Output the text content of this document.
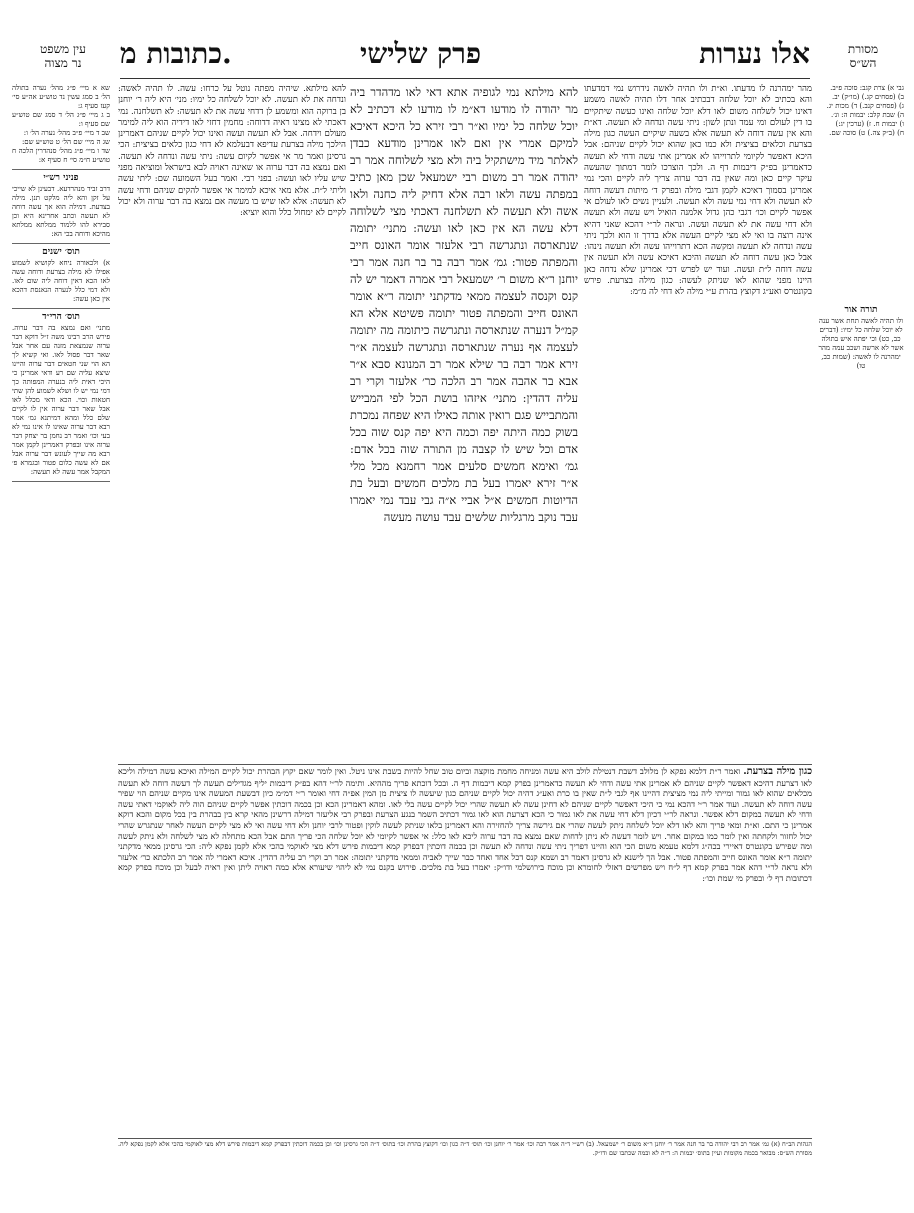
עין משפט
נר מצוה
מסורת
הש״ס
כתובות מ.	פרק שלישי	אלו נערות
שא א מיי׳ פ״ג מהל׳ נערה בתולה הל׳ ב סמג עשין נד טוש״ע אה״ע סי׳ קעז סעיף ג:
ב ג מיי׳ פ״ג הל׳ ד סמג שם טוש״ע שם סעיף ו:
שב ד מיי׳ פ״ב מהל׳ נערה הל׳ ו:
שג ה מיי׳ שם הל׳ ט טוש״ע שם:
שד ו מיי׳ פ״ג מהל׳ סנהדרין הלכה ח טוש״ע ח״מ סי׳ ח סעיף א:
פניני רש״י
דרב זביד מנהרדעא. דבעינן לא שייכי על זקן והא ליה מלקט תנן. מילה בצדעת. דמילה הוא אך עשה דוחה לא תעשה וכתב אחרינא היא וכן סבירא להו ללמוד ממלתא ממלתא מהיכא ודוחה בכי הא:
תוס׳ ישנים
א) ולכאורה ניחא לקושיא לשמוע אפילו לא מילה בצרעת ודוחה עשה לאו הכא דאין דוחה ליה שום לאו. ולא דמי כלל לנערה הנאנסת דהכא אין כאן עשה:
תוס׳ הרי״ד
מתני׳ ואם נמצא בה דבר ערוה. פירש הרב רבינו משה ז״ל דוקא דבר ערוה שנמצאת מזנה עם אחר אבל שאר דבר פסול לאו. ואי קשיא לך הא הוי שני חטאים דבר ערוה והיינו שיצא עליה שם רע ודאי אמרינן כי היכי דאית ליה בנערה המפותה כך דמי נמי יש לו ושלא לשמוע להן שתי חטאות וכוי. הכא ודאי מכלל לאו אבל שאר דבר ערוה אין לו לקיים שלם כלל ומהא דמיתנא גמ׳ אמר רבא דבר ערוה שאינו לו אינו נמי לא בעי וכו׳ ואמר רב נחמן בר יצחק דבר ערוה אינו ובפרק דאמרינן לקמן אמר רבא מה שייך לעונש דבר ערוה אבל אם לא עשה כלום פטור ובגמרא פ׳ המקבל אמר עשה לא תעשה:
להא מילתא. שיהיה מפתה נוטל על כרחו: עשה. לו תהיה לאשה: ונדחה את לא תעשה. לא יוכל לשלחה כל ימיו: מני׳ היא ליה ר׳ יוחנן בן ברוקה הוא ומשמע לן דדחי עשה את לא תעשה: לא תשלחנה. נמי דאכתי לא מצינו ראיה דדוחה: מחמין דחזי לאו דידיה הוא ליה למימר מעולם וידחה. אבל לא תעשה ועשה ואינו יכול לקיים שניהם דאמרינן הילכך מילה בצרעת עדיפא דבעלמא לא דחי כגון כלאים בציצית: הכי גרסינן ואמר מר אי אפשר לקיום עשה: ניתי עשה ונדחה לא תעשה. ואם נמצא בה דבר ערוה או שאינה ראויה לבא בישראל ומוציאה מפני שיש עליו לאו ועשה: בפני רבי. ואמר בעל השמועה שם: ליתי עשה וליתי ל״ת. אלא מאי איכא למימר אי אפשר להקים שניהם ודחי עשה לא תעשה: אלא לאו שיש בו מעשה אם נמצא בה דבר ערוה ולא יכול לקיים לא ימחול כלל והוא יוציא:
להא מילתא נמי לגופיה אתא דאי לאו מדהדר ביה מר יהודה לו מודעו דא״מ לו מודעו לא דכתיב לא יוכל שלחה כל ימיו וא״ר רבי זירא כל היכא דאיכא למיקם אמרי אין ואם לאו אמרינן מודעא כבדן לאלתר מיד מישתקיל ביה ולא מצי לשלוחה אמר רב יהודה אמר רב משום רבי ישמעאל שכן מאן כתיב במפתה עשה ולאו רבה אלא דחיק ליה כחנה ולאו אשה ולא תעשה לא תשלחנה דאכתי מצי לשלוחה דלא עשה הא אין כאן לאו ועשה: מתני׳ יתומה שנתארסה ונתגרשה רבי אלעזר אומר האונס חייב והמפתה פטור: גמ׳ אמר רבה בר בר חנה אמר רבי יוחנן ר״א משום ר׳ ישמעאל רבי אמרה דאמר יש לה קנס וקנסה לעצמה ממאי מדקתני יתומה ר״א אומר האונס חייב והמפתה פטור יתומה פשיטא אלא הא קמ״ל דנערה שנתארסה ונתגרשה כיתומה מה יתומה לעצמה אף נערה שנתארסה ונתגרשה לעצמה א״ר זירא אמר רבה בר שילא אמר רב המנונא סבא א״ר אבא בר אהבה אמר רב הלכה כר׳ אלעזר וקרי רב עליה דהדין: מתני׳ איזהו בושת הכל לפי המבייש והמתבייש פגם רואין אותה כאילו היא שפחה נמכרת בשוק כמה היתה יפה וכמה היא יפה קנס שוה בכל אדם וכל שיש לו קצבה מן התורה שוה בכל אדם: גמ׳ ואימא חמשים סלעים אמר רחמנא מכל מלי א״ר זירא יאמרו בעל בת מלכים חמשים ובעל בת הדיוטות חמשים א״ל אביי א״ה גבי עבד נמי יאמרו עבד נוקב מרגליות שלשים עבד עושה מעשה
מהר ימהרנה לו מדעתו. וא״ת ולו תהיה לאשה נידרוש נמי דמדעתו והא בכתיב לא יוכל שלחה דבכתיב אחר דלו תהיה לאשה משמע דאינו יכול לשלחה משום לאו דלא יוכל שלחה ואינו כעשה שיתקיים בו דין לעולם ומי עמד ונתן לשון: ניתי עשה ונדחה לא תעשה. דא״ת והא אין עשה דוחה לא תעשה אלא בשעה שיקיים העשה כגון מילה בצרעת וכלאים בציצית ולא כמו כאן שהוא יכול לקיים שניהם: אבל היכא דאפשר לקיומי לתרוייהו לא אמרינן אתי עשה ודחי לא תעשה כדאמרינן בפ״ק דיבמות דף ה. ולכך הוצרכו לומר דמתוך שהעשה עיקר קיים כאן ומה שאין בה דבר ערוה צריך ליה לקיים והכי נמי אמרינן בסמוך דאיכא לקמן דגבי מילה ובפרק ד׳ מיתות דעשה דוחה לא תעשה ולא דחי נמי עשה ולא תעשה. ולעניין נשים לאו לעולם אי אפשר לקיים וכו׳ דגבי כהן גדול אלמנה הואיל ויש עשה ולא תעשה ולא דחי עשה את לא תעשה ועשה. ונראה לר״י דהכא שאני דהיא אינה רוצה בו ואי לא מצי לקיים העשה אלא בדרך זו הוא ולכך ניתי עשה ונדחה לא תעשה ומקשה הכא דתרוייהו עשה ולא תעשה נינהו: אבל כאן עשה דוחה לא תעשה והיכא דאיכא עשה ולא תעשה אין עשה דוחה ל״ת ועשה. ועוד יש לפרש דכי אמרינן שלא נדחה כאן היינו מפני שהוא לאו שניתק לעשה: כגון מילה בצרעת. פירש בקונטרס ואע״ג דקוצץ בהרת ע״י מילה לא דחי לה מ״מ:
גבי א) צרת קגב: סוכה פ״ב.
ב) (פסחים קג.) (מו״ק) יב.
ג) (פסחים קנב.) ד) מכות יג.
ה) שבת קלב: יבמות ה: ונ׳.
ו) יבמות ח. ז) (ערכין יג:)
ח) (ב״ק צה.) ט) סוכה שם.
תורה אור
ולו תהיה לאשה תחת אשר ענה לא יוכל שלחה כל ימיו: (דברים כב, כט) וכי יפתה איש בתולה אשר לא ארשה ושכב עמה מהר ימהרנה לו לאשה: (שמות כב, טו)
כגון מילה בצרעת. ואמר ר״ת דלמא נפקא לן מלולב דשבת דנטילת לולב היא עשה ומניחה מחמת מוקצה וביום טוב שחל להיות בשבת אינו ניטל. ואין לומר שאם יקוץ הבהרת יכול לקיים המילה ואיכא עשה דמילה וליכא לאו דצרעת דהיכא דאפשר לקיים שניהם לא אמרינן אתי עשה ודחי לא תעשה כדאמרינן בפרק קמא דיבמות דף ה. ובכל דוכתא פריך מההיא. ותימה לר״י דהא בפ״ק דיבמות יליף מגדילים תעשה לך דעשה דוחה לא תעשה מכלאים שהוא לאו גמור ומייתי ליה נמי מציצית דהיינו אף לגבי ל״ת שאין בו כרת ואע״ג דהיה יכול לקיים שניהם כגון שיעשה לו ציצית מן המין אפ״ה דחי ואומר ר״י דמ״מ כיון דבשעת המעשה אינו מקיים שניהם הוי שפיר עשה דוחה לא תעשה. ועוד אמר ר״י דהכא נמי כי היכי דאפשר לקיים שניהם לא דחינן עשה לא תעשה שהרי יכול לקיים עשה בלי לאו. ומהא דאמרינן הכא וכן בכמה דוכתין אפשר לקיים שניהם הוה ליה לאוקמי דאתי עשה ודחי לא תעשה במקום דלא אפשר. ונראה לר״י דכיון דלא דחי עשה את לאו גמור כי הכא דצרעת הוא לאו גמור דכתיב השמר בנגע הצרעת ובפרק רבי אליעזר דמילה דרשינן מהאי קרא בין בבהרת בין בכל מקום והכא דוקא אמרינן כי התם. וא״ת ומאי פריך והא לאו דלא יוכל לשלחה ניתק לעשה שהרי אם גירשה צריך להחזירה והא דאמרינן בלאו שניתק לעשה לוקין ופטור לרבי יוחנן ולא דחי עשה ואי לא מצי לקיים העשה לאחר שנתגרש שהרי יכול לחזור ולקחתה ואין לומר כמו במקום אחר. ויש לומר דעשה לא ניתן לדחות שאם נמצא בה דבר ערוה ליכא לאו כלל: אי אפשר לקיומי לא יוכל שלחה הכי פריך התם אבל הכא מתחלה לא מצי לשלחה ולא ניתק לעשה ומה שפירש בקונטרס דאיירי בכה״ג דלמא טעמא משום הכי הוא והיינו דפריך ניתי עשה ונדחה לא תעשה וכן בכמה דוכתין דבפרק קמא דיבמות פירש דלא מצי לאוקמי בהכי אלא לקמן נפקא ליה: הכי גרסינן ממאי מדקתני יתומה ר״א אומר האונס חייב והמפתה פטור. אבל הך לישנא לא גרסינן דאמר רב ושמא קנס דכל אחד ואחד כבר שייך לאביה וממאי מדקתני יתומה: אמר רב וקרי רב עליה דהדין. איכא דאמרי לה אמר רב הלכתא כר׳ אלעזר ולא נראה לר״י דהא אמר בפרק קמא דף ל״ח ויש מפרשים דאזלי לחומרא וכן מוכח בירושלמי ודו״ק: יאמרו בעל בת מלכים. פירוש בקנס נמי לא ליהוי שיעורא אלא כמה ראויה ליתן ואין ראיה לבעל וכן מוכח בפרק קמא דכתובות דף ל׳ ובפרק מי שמת וכו׳:
הגהות הב״ח (א) גמ׳ אמר רב רבי יהודה בר בר חנה אמר ר׳ יוחנן ר״א משום ר׳ ישמעאל. (ב) רש״י ד״ה אמר רבה וכו׳ אמר ר׳ יוחנן וכו׳ תוס׳ ד״ה כגון וכו׳ דקוצץ בהרת וכו׳ בתוס׳ ד״ה הכי גרסינן וכו׳ וכן בכמה דוכתין דבפרק קמא דיבמות פירש דלא מצי לאוקמי בהכי אלא לקמן נפקא ליה. מסורת הש״ס: מבואר בכמה מקומות ועיין בתוס׳ יבמות ה: ד״ה לא ובמה שכתבו שם ודו״ק.
